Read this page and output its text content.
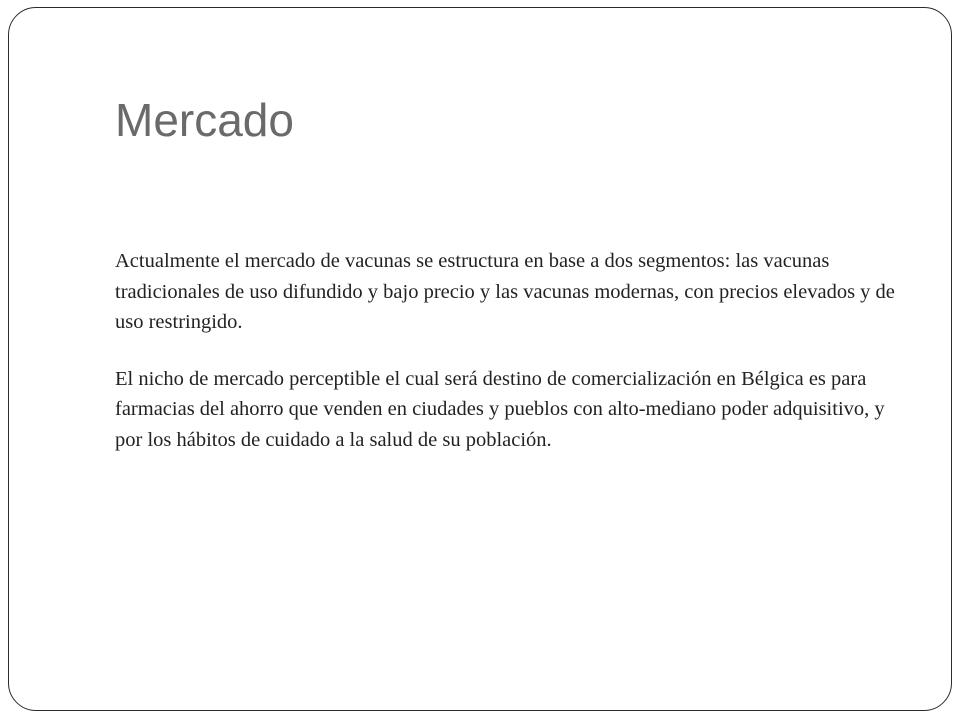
Mercado

Actualmente el mercado de vacunas se estructura en base a dos segmentos: las vacunas tradicionales de uso difundido y bajo precio y las vacunas modernas, con precios elevados y de uso restringido.

El nicho de mercado perceptible el cual será destino de comercialización en Bélgica es para farmacias del ahorro que venden en ciudades y pueblos con alto-mediano poder adquisitivo, y por los hábitos de cuidado a la salud de su población.
